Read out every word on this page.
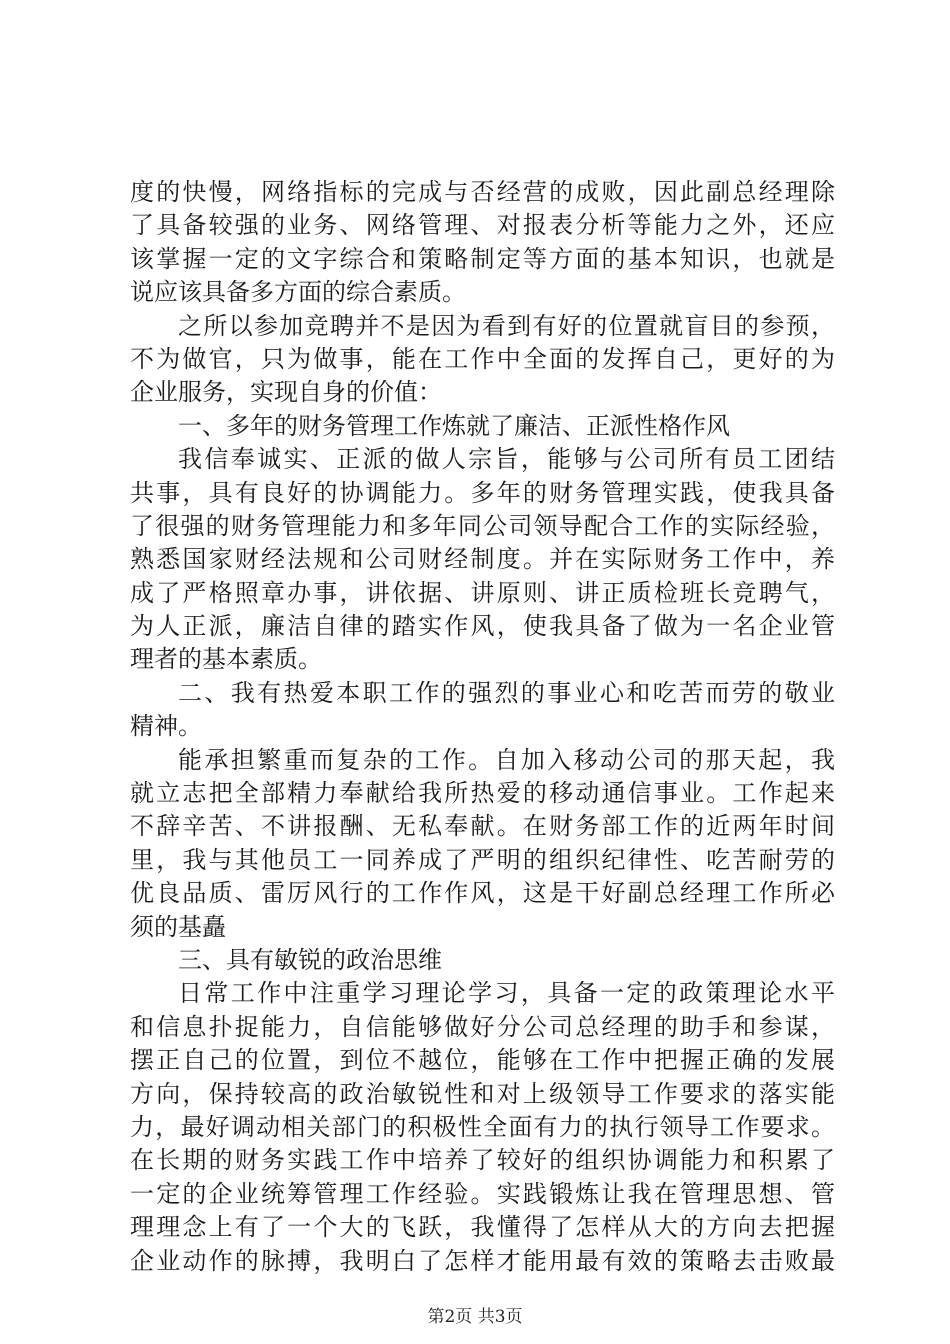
度的快慢，网络指标的完成与否经营的成败，因此副总经理除
了具备较强的业务、网络管理、对报表分析等能力之外，还应
该掌握一定的文字综合和策略制定等方面的基本知识，也就是
说应该具备多方面的综合素质。
之所以参加竞聘并不是因为看到有好的位置就盲目的参预，
不为做官，只为做事，能在工作中全面的发挥自己，更好的为
企业服务，实现自身的价值：
一、多年的财务管理工作炼就了廉洁、正派性格作风
我信奉诚实、正派的做人宗旨，能够与公司所有员工团结
共事，具有良好的协调能力。多年的财务管理实践，使我具备
了很强的财务管理能力和多年同公司领导配合工作的实际经验，
熟悉国家财经法规和公司财经制度。并在实际财务工作中，养
成了严格照章办事，讲依据、讲原则、讲正质检班长竞聘气，
为人正派，廉洁自律的踏实作风，使我具备了做为一名企业管
理者的基本素质。
二、我有热爱本职工作的强烈的事业心和吃苦而劳的敬业
精神。
能承担繁重而复杂的工作。自加入移动公司的那天起，我
就立志把全部精力奉献给我所热爱的移动通信事业。工作起来
不辞辛苦、不讲报酬、无私奉献。在财务部工作的近两年时间
里，我与其他员工一同养成了严明的组织纪律性、吃苦耐劳的
优良品质、雷厉风行的工作作风，这是干好副总经理工作所必
须的基矗
三、具有敏锐的政治思维
日常工作中注重学习理论学习，具备一定的政策理论水平
和信息扑捉能力，自信能够做好分公司总经理的助手和参谋，
摆正自己的位置，到位不越位，能够在工作中把握正确的发展
方向，保持较高的政治敏锐性和对上级领导工作要求的落实能
力，最好调动相关部门的积极性全面有力的执行领导工作要求。
在长期的财务实践工作中培养了较好的组织协调能力和积累了
一定的企业统筹管理工作经验。实践锻炼让我在管理思想、管
理理念上有了一个大的飞跃，我懂得了怎样从大的方向去把握
企业动作的脉搏，我明白了怎样才能用最有效的策略去击败最
第2页 共3页
